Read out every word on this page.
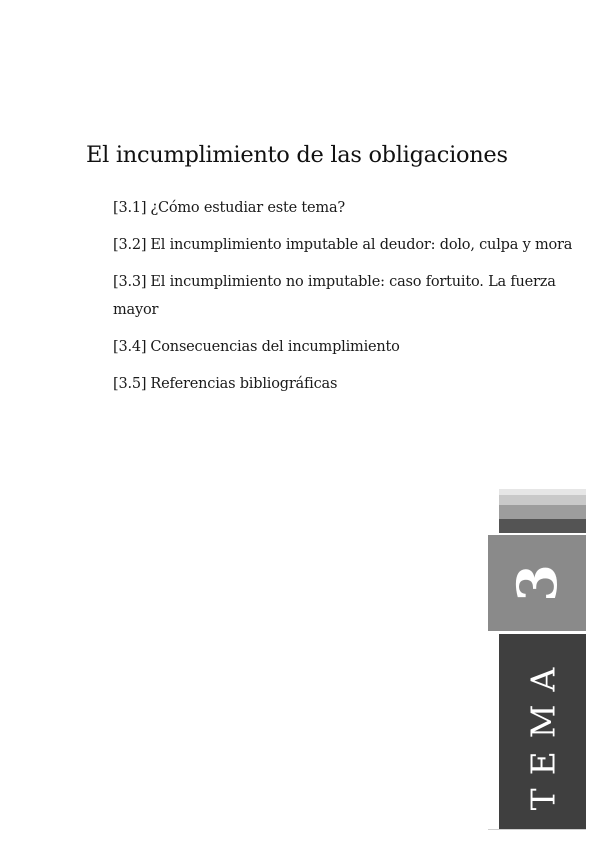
El incumplimiento de las obligaciones
[3.1] ¿Cómo estudiar este tema?
[3.2] El incumplimiento imputable al deudor: dolo, culpa y mora
[3.3] El incumplimiento no imputable: caso fortuito. La fuerza mayor
[3.4] Consecuencias del incumplimiento
[3.5] Referencias bibliográficas
3
TEMA
